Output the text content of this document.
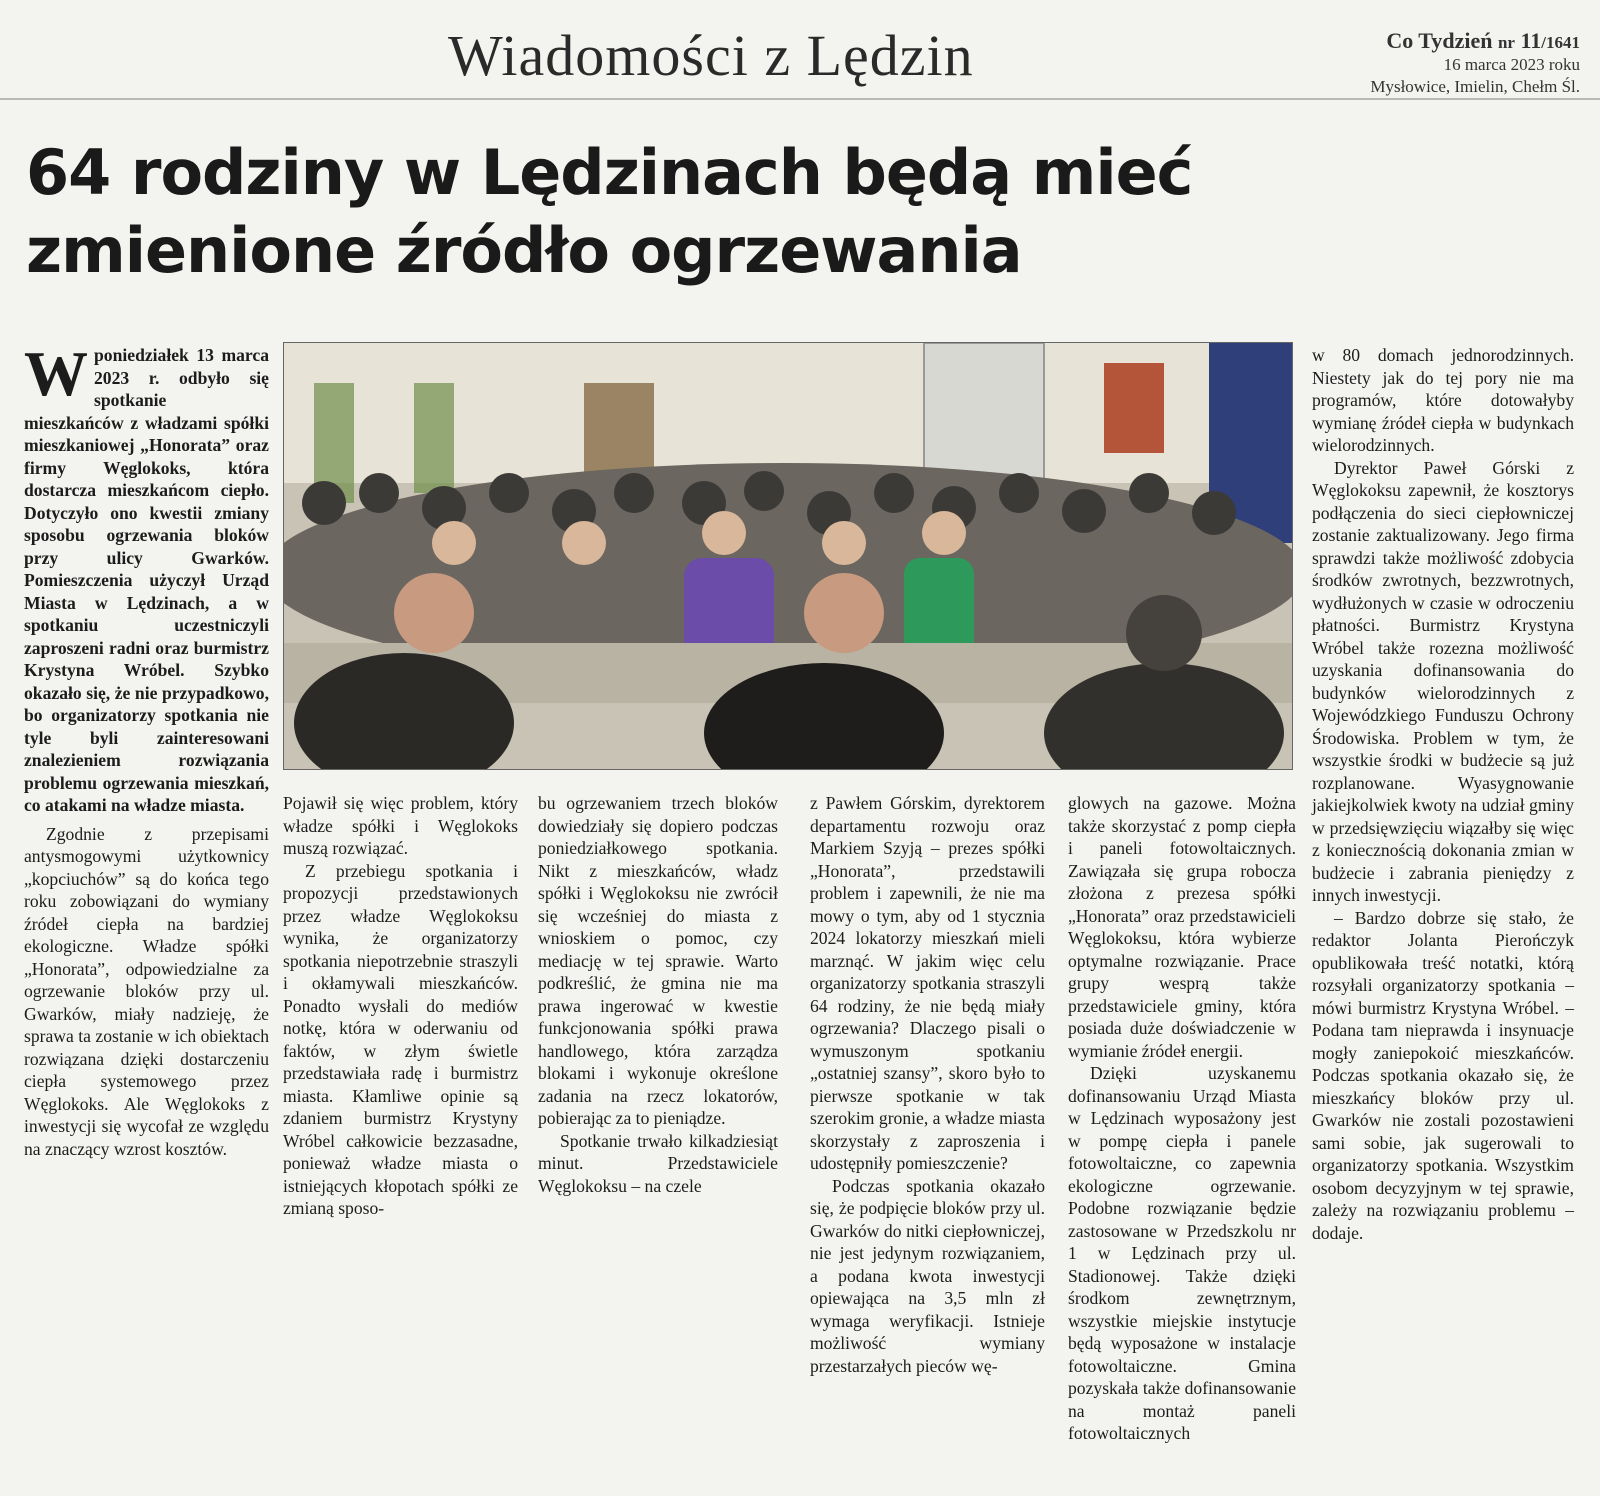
Wiadomości z Lędzin	Co Tydzień nr 11/1641
16 marca 2023 roku
Mysłowice, Imielin, Chełm Śl.
64 rodziny w Lędzinach będą mieć
zmienione źródło ogrzewania

Wponiedziałek 13 marca 2023 r. odbyło się spotkanie mieszkańców z władzami spółki mieszkaniowej „Honorata” oraz firmy Węglokoks, która dostarcza mieszkańcom ciepło. Dotyczyło ono kwestii zmiany sposobu ogrzewania bloków przy ulicy Gwarków. Pomieszczenia użyczył Urząd Miasta w Lędzinach, a w spotkaniu uczestniczyli zaproszeni radni oraz burmistrz Krystyna Wróbel. Szybko okazało się, że nie przypadkowo, bo organizatorzy spotkania nie tyle byli zainteresowani znalezieniem rozwiązania problemu ogrzewania mieszkań, co atakami na władze miasta.

Zgodnie z przepisami antysmogowymi użytkownicy „kopciuchów” są do końca tego roku zobowiązani do wymiany źródeł ciepła na bardziej ekologiczne. Władze spółki „Honorata”, odpowiedzialne za ogrzewanie bloków przy ul. Gwarków, miały nadzieję, że sprawa ta zostanie w ich obiektach rozwiązana dzięki dostarczeniu ciepła systemowego przez Węglokoks. Ale Węglokoks z inwestycji się wycofał ze względu na znaczący wzrost kosztów.

Pojawił się więc problem, który władze spółki i Węglokoks muszą rozwiązać.

Z przebiegu spotkania i propozycji przedstawionych przez władze Węglokoksu wynika, że organizatorzy spotkania niepotrzebnie straszyli i okłamywali mieszkańców. Ponadto wysłali do mediów notkę, która w oderwaniu od faktów, w złym świetle przedstawiała radę i burmistrz miasta. Kłamliwe opinie są zdaniem burmistrz Krystyny Wróbel całkowicie bezzasadne, ponieważ władze miasta o istniejących kłopotach spółki ze zmianą sposo-

bu ogrzewaniem trzech bloków dowiedziały się dopiero podczas poniedziałkowego spotkania. Nikt z mieszkańców, władz spółki i Węglokoksu nie zwrócił się wcześniej do miasta z wnioskiem o pomoc, czy mediację w tej sprawie. Warto podkreślić, że gmina nie ma prawa ingerować w kwestie funkcjonowania spółki prawa handlowego, która zarządza blokami i wykonuje określone zadania na rzecz lokatorów, pobierając za to pieniądze.

Spotkanie trwało kilkadziesiąt minut. Przedstawiciele Węglokoksu – na czele

z Pawłem Górskim, dyrektorem departamentu rozwoju oraz Markiem Szyją – prezes spółki „Honorata”, przedstawili problem i zapewnili, że nie ma mowy o tym, aby od 1 stycznia 2024 lokatorzy mieszkań mieli marznąć. W jakim więc celu organizatorzy spotkania straszyli 64 rodziny, że nie będą miały ogrzewania? Dlaczego pisali o wymuszonym spotkaniu „ostatniej szansy”, skoro było to pierwsze spotkanie w tak szerokim gronie, a władze miasta skorzystały z zaproszenia i udostępniły pomieszczenie?

Podczas spotkania okazało się, że podpięcie bloków przy ul. Gwarków do nitki ciepłowniczej, nie jest jedynym rozwiązaniem, a podana kwota inwestycji opiewająca na 3,5 mln zł wymaga weryfikacji. Istnieje możliwość wymiany przestarzałych pieców wę-

glowych na gazowe. Można także skorzystać z pomp ciepła i paneli fotowoltaicznych. Zawiązała się grupa robocza złożona z prezesa spółki „Honorata” oraz przedstawicieli Węglokoksu, która wybierze optymalne rozwiązanie. Prace grupy wesprą także przedstawiciele gminy, która posiada duże doświadczenie w wymianie źródeł energii.

Dzięki uzyskanemu dofinansowaniu Urząd Miasta w Lędzinach wyposażony jest w pompę ciepła i panele fotowoltaiczne, co zapewnia ekologiczne ogrzewanie. Podobne rozwiązanie będzie zastosowane w Przedszkolu nr 1 w Lędzinach przy ul. Stadionowej. Także dzięki środkom zewnętrznym, wszystkie miejskie instytucje będą wyposażone w instalacje fotowoltaiczne. Gmina pozyskała także dofinansowanie na montaż paneli fotowoltaicznych

w 80 domach jednorodzinnych. Niestety jak do tej pory nie ma programów, które dotowałyby wymianę źródeł ciepła w budynkach wielorodzinnych.

Dyrektor Paweł Górski z Węglokoksu zapewnił, że kosztorys podłączenia do sieci ciepłowniczej zostanie zaktualizowany. Jego firma sprawdzi także możliwość zdobycia środków zwrotnych, bezzwrotnych, wydłużonych w czasie w odroczeniu płatności. Burmistrz Krystyna Wróbel także rozezna możliwość uzyskania dofinansowania do budynków wielorodzinnych z Wojewódzkiego Funduszu Ochrony Środowiska. Problem w tym, że wszystkie środki w budżecie są już rozplanowane. Wyasygnowanie jakiejkolwiek kwoty na udział gminy w przedsięwzięciu wiązałby się więc z koniecznością dokonania zmian w budżecie i zabrania pieniędzy z innych inwestycji.

– Bardzo dobrze się stało, że redaktor Jolanta Pierończyk opublikowała treść notatki, którą rozsyłali organizatorzy spotkania – mówi burmistrz Krystyna Wróbel. – Podana tam nieprawda i insynuacje mogły zaniepokoić mieszkańców. Podczas spotkania okazało się, że mieszkańcy bloków przy ul. Gwarków nie zostali pozostawieni sami sobie, jak sugerowali to organizatorzy spotkania. Wszystkim osobom decyzyjnym w tej sprawie, zależy na rozwiązaniu problemu – dodaje.
